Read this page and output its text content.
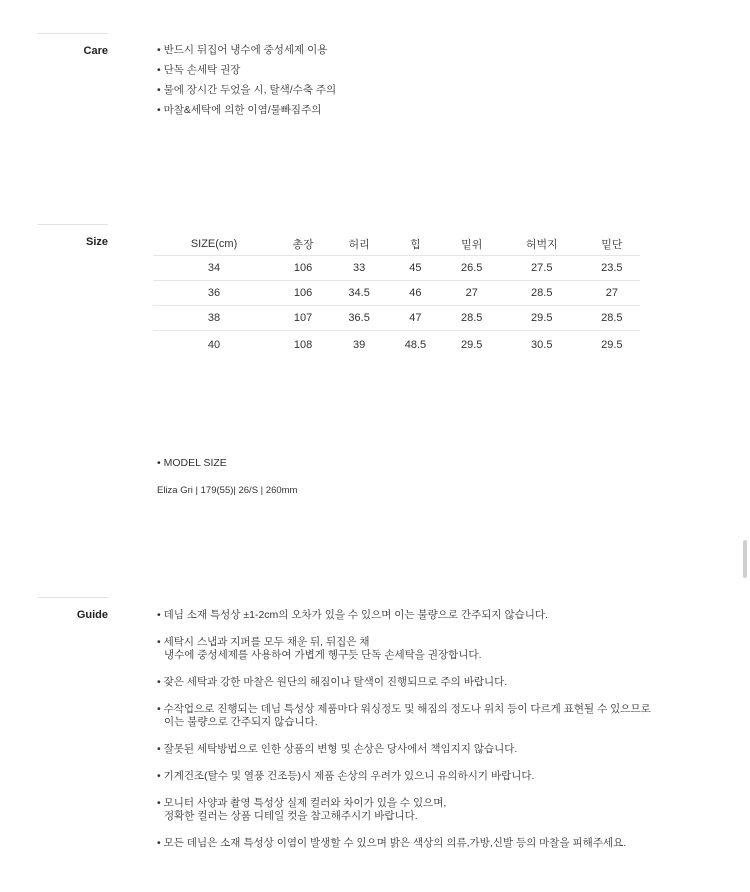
Care	• 반드시 뒤집어 냉수에 중성세제 이용
• 단독 손세탁 권장
• 물에 장시간 두었을 시, 탈색/수축 주의
• 마찰&세탁에 의한 이염/물빠짐주의
Size	SIZE(cm)	총장	허리	힙	밑위	허벅지	밑단
34	106	33	45	26.5	27.5	23.5
36	106	34.5	46	27	28.5	27
38	107	36.5	47	28.5	29.5	28.5
40	108	39	48.5	29.5	30.5	29.5
• MODEL SIZE
Eliza Gri | 179(55)| 26/S | 260mm
Guide	• 데님 소재 특성상 ±1-2cm의 오차가 있을 수 있으며 이는 불량으로 간주되지 않습니다.
• 세탁시 스냅과 지퍼를 모두 채운 뒤, 뒤집은 채
냉수에 중성세제를 사용하여 가볍게 헹구듯 단독 손세탁을 권장합니다.
• 잦은 세탁과 강한 마찰은 원단의 해짐이나 탈색이 진행되므로 주의 바랍니다.
• 수작업으로 진행되는 데님 특성상 제품마다 워싱정도 및 해짐의 정도나 위치 등이 다르게 표현될 수 있으므로
이는 불량으로 간주되지 않습니다.
• 잘못된 세탁방법으로 인한 상품의 변형 및 손상은 당사에서 책임지지 않습니다.
• 기계건조(탈수 및 열풍 건조등)시 제품 손상의 우려가 있으니 유의하시기 바랍니다.
• 모니터 사양과 촬영 특성상 실제 컬러와 차이가 있을 수 있으며,
정확한 컬러는 상품 디테일 컷을 참고해주시기 바랍니다.
• 모든 데님은 소재 특성상 이염이 발생할 수 있으며 밝은 색상의 의류,가방,신발 등의 마찰을 피해주세요.
